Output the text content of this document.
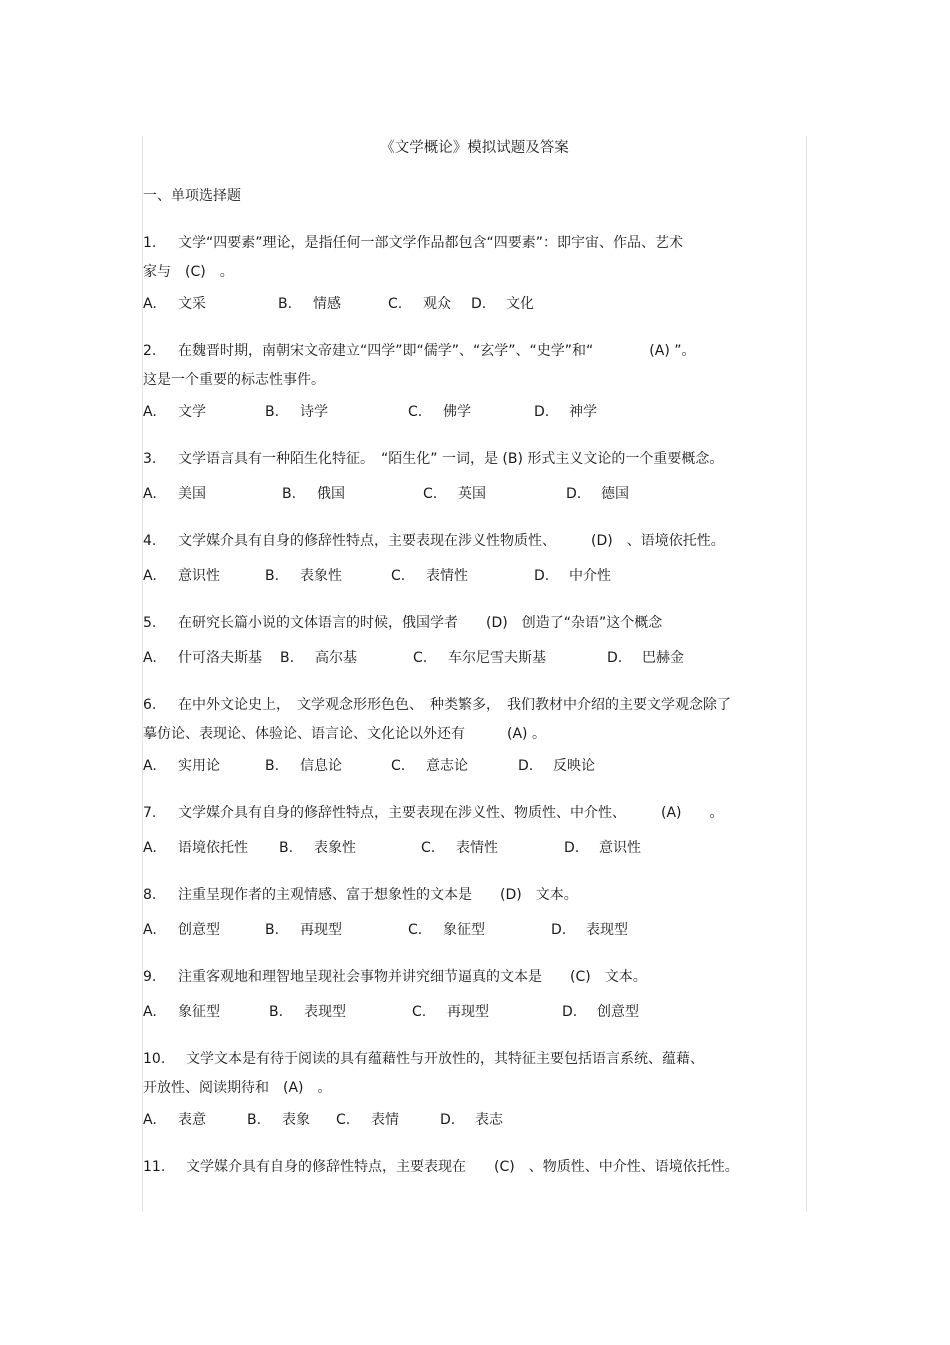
《文学概论》模拟试题及答案
一、单项选择题
1. 文学“四要素”理论，是指任何一部文学作品都包含“四要素”：即宇宙、作品、艺术
家与　(C)　。
A. 文采	B. 情感	C. 观众 D. 文化
2. 在魏晋时期，南朝宋文帝建立“四学”即“儒学”、“玄学”、“史学”和“　　　　(A) ”。
这是一个重要的标志性事件。
A. 文学	B. 诗学	C. 佛学	D. 神学
3. 文学语言具有一种陌生化特征。　“陌生化” 一词，是 (B) 形式主义文论的一个重要概念。
A. 美国	B. 俄国	C. 英国	D. 德国
4. 文学媒介具有自身的修辞性特点，主要表现在涉义性物质性、　　　(D)　、语境依托性。
A. 意识性	B. 表象性	C. 表情性	D. 中介性
5. 在研究长篇小说的文体语言的时候，俄国学者　　(D)　创造了“杂语”这个概念
A. 什可洛夫斯基 B. 高尔基	C. 车尔尼雪夫斯基	D. 巴赫金
6. 在中外文论史上，　文学观念形形色色、　种类繁多，　我们教材中介绍的主要文学观念除了
摹仿论、表现论、体验论、语言论、文化论以外还有　　　(A) 。
A. 实用论	B. 信息论	C. 意志论	D. 反映论
7. 文学媒介具有自身的修辞性特点，主要表现在涉义性、物质性、中介性、　　　(A)　　。
A. 语境依托性 B. 表象性	C. 表情性	D. 意识性
8. 注重呈现作者的主观情感、富于想象性的文本是　　(D)　文本。
A. 创意型	B. 再现型	C. 象征型	D. 表现型
9. 注重客观地和理智地呈现社会事物并讲究细节逼真的文本是　　(C)　文本。
A. 象征型	B. 表现型	C. 再现型	D. 创意型
10. 文学文本是有待于阅读的具有蕴藉性与开放性的，其特征主要包括语言系统、蕴藉、
开放性、阅读期待和　(A)　。
A. 表意	B. 表象 C. 表情	D. 表志
11. 文学媒介具有自身的修辞性特点，主要表现在　　(C)　、物质性、中介性、语境依托性。
